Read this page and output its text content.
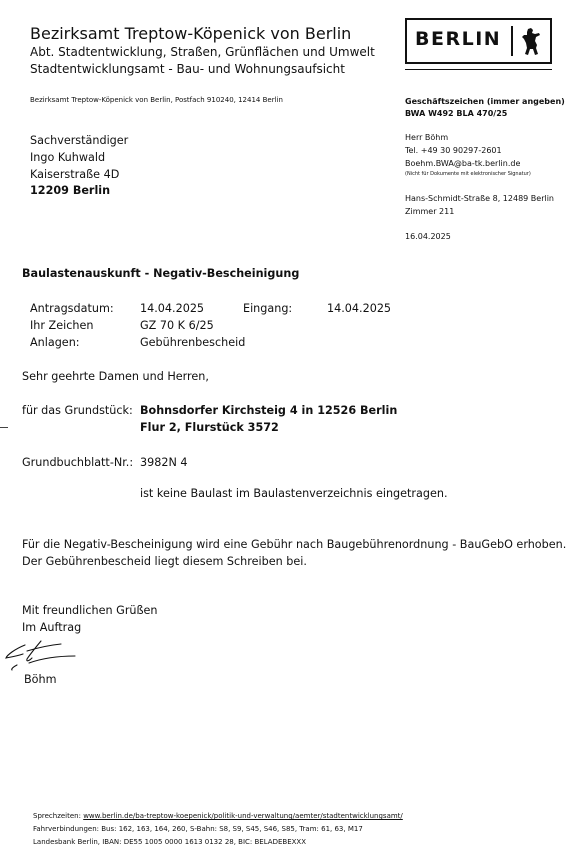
Bezirksamt Treptow-Köpenick von Berlin
Abt. Stadtentwicklung, Straßen, Grünflächen und Umwelt
Stadtentwicklungsamt - Bau- und Wohnungsaufsicht
BERLIN
Bezirksamt Treptow-Köpenick von Berlin, Postfach 910240, 12414 Berlin
Sachverständiger
Ingo Kuhwald
Kaiserstraße 4D
12209 Berlin
Geschäftszeichen (immer angeben)
BWA W492 BLA 470/25
Herr Böhm
Tel. +49 30 90297-2601
Boehm.BWA@ba-tk.berlin.de
(Nicht für Dokumente mit elektronischer Signatur)
Hans-Schmidt-Straße 8, 12489 Berlin
Zimmer 211
16.04.2025
Baulastenauskunft - Negativ-Bescheinigung
Antragsdatum: 14.04.2025	Eingang:	14.04.2025
Ihr Zeichen	GZ 70 K 6/25
Anlagen:	Gebührenbescheid
Sehr geehrte Damen und Herren,
für das Grundstück: Bohnsdorfer Kirchsteig 4 in 12526 Berlin
Flur 2, Flurstück 3572
Grundbuchblatt-Nr.: 3982N 4
ist keine Baulast im Baulastenverzeichnis eingetragen.
Für die Negativ-Bescheinigung wird eine Gebühr nach Baugebührenordnung - BauGebO erhoben.
Der Gebührenbescheid liegt diesem Schreiben bei.
Mit freundlichen Grüßen
Im Auftrag
Böhm
Sprechzeiten: www.berlin.de/ba-treptow-koepenick/politik-und-verwaltung/aemter/stadtentwicklungsamt/
Fahrverbindungen: Bus: 162, 163, 164, 260, S-Bahn: S8, S9, S45, S46, S85, Tram: 61, 63, M17
Landesbank Berlin, IBAN: DE55 1005 0000 1613 0132 28, BIC: BELADEBEXXX
